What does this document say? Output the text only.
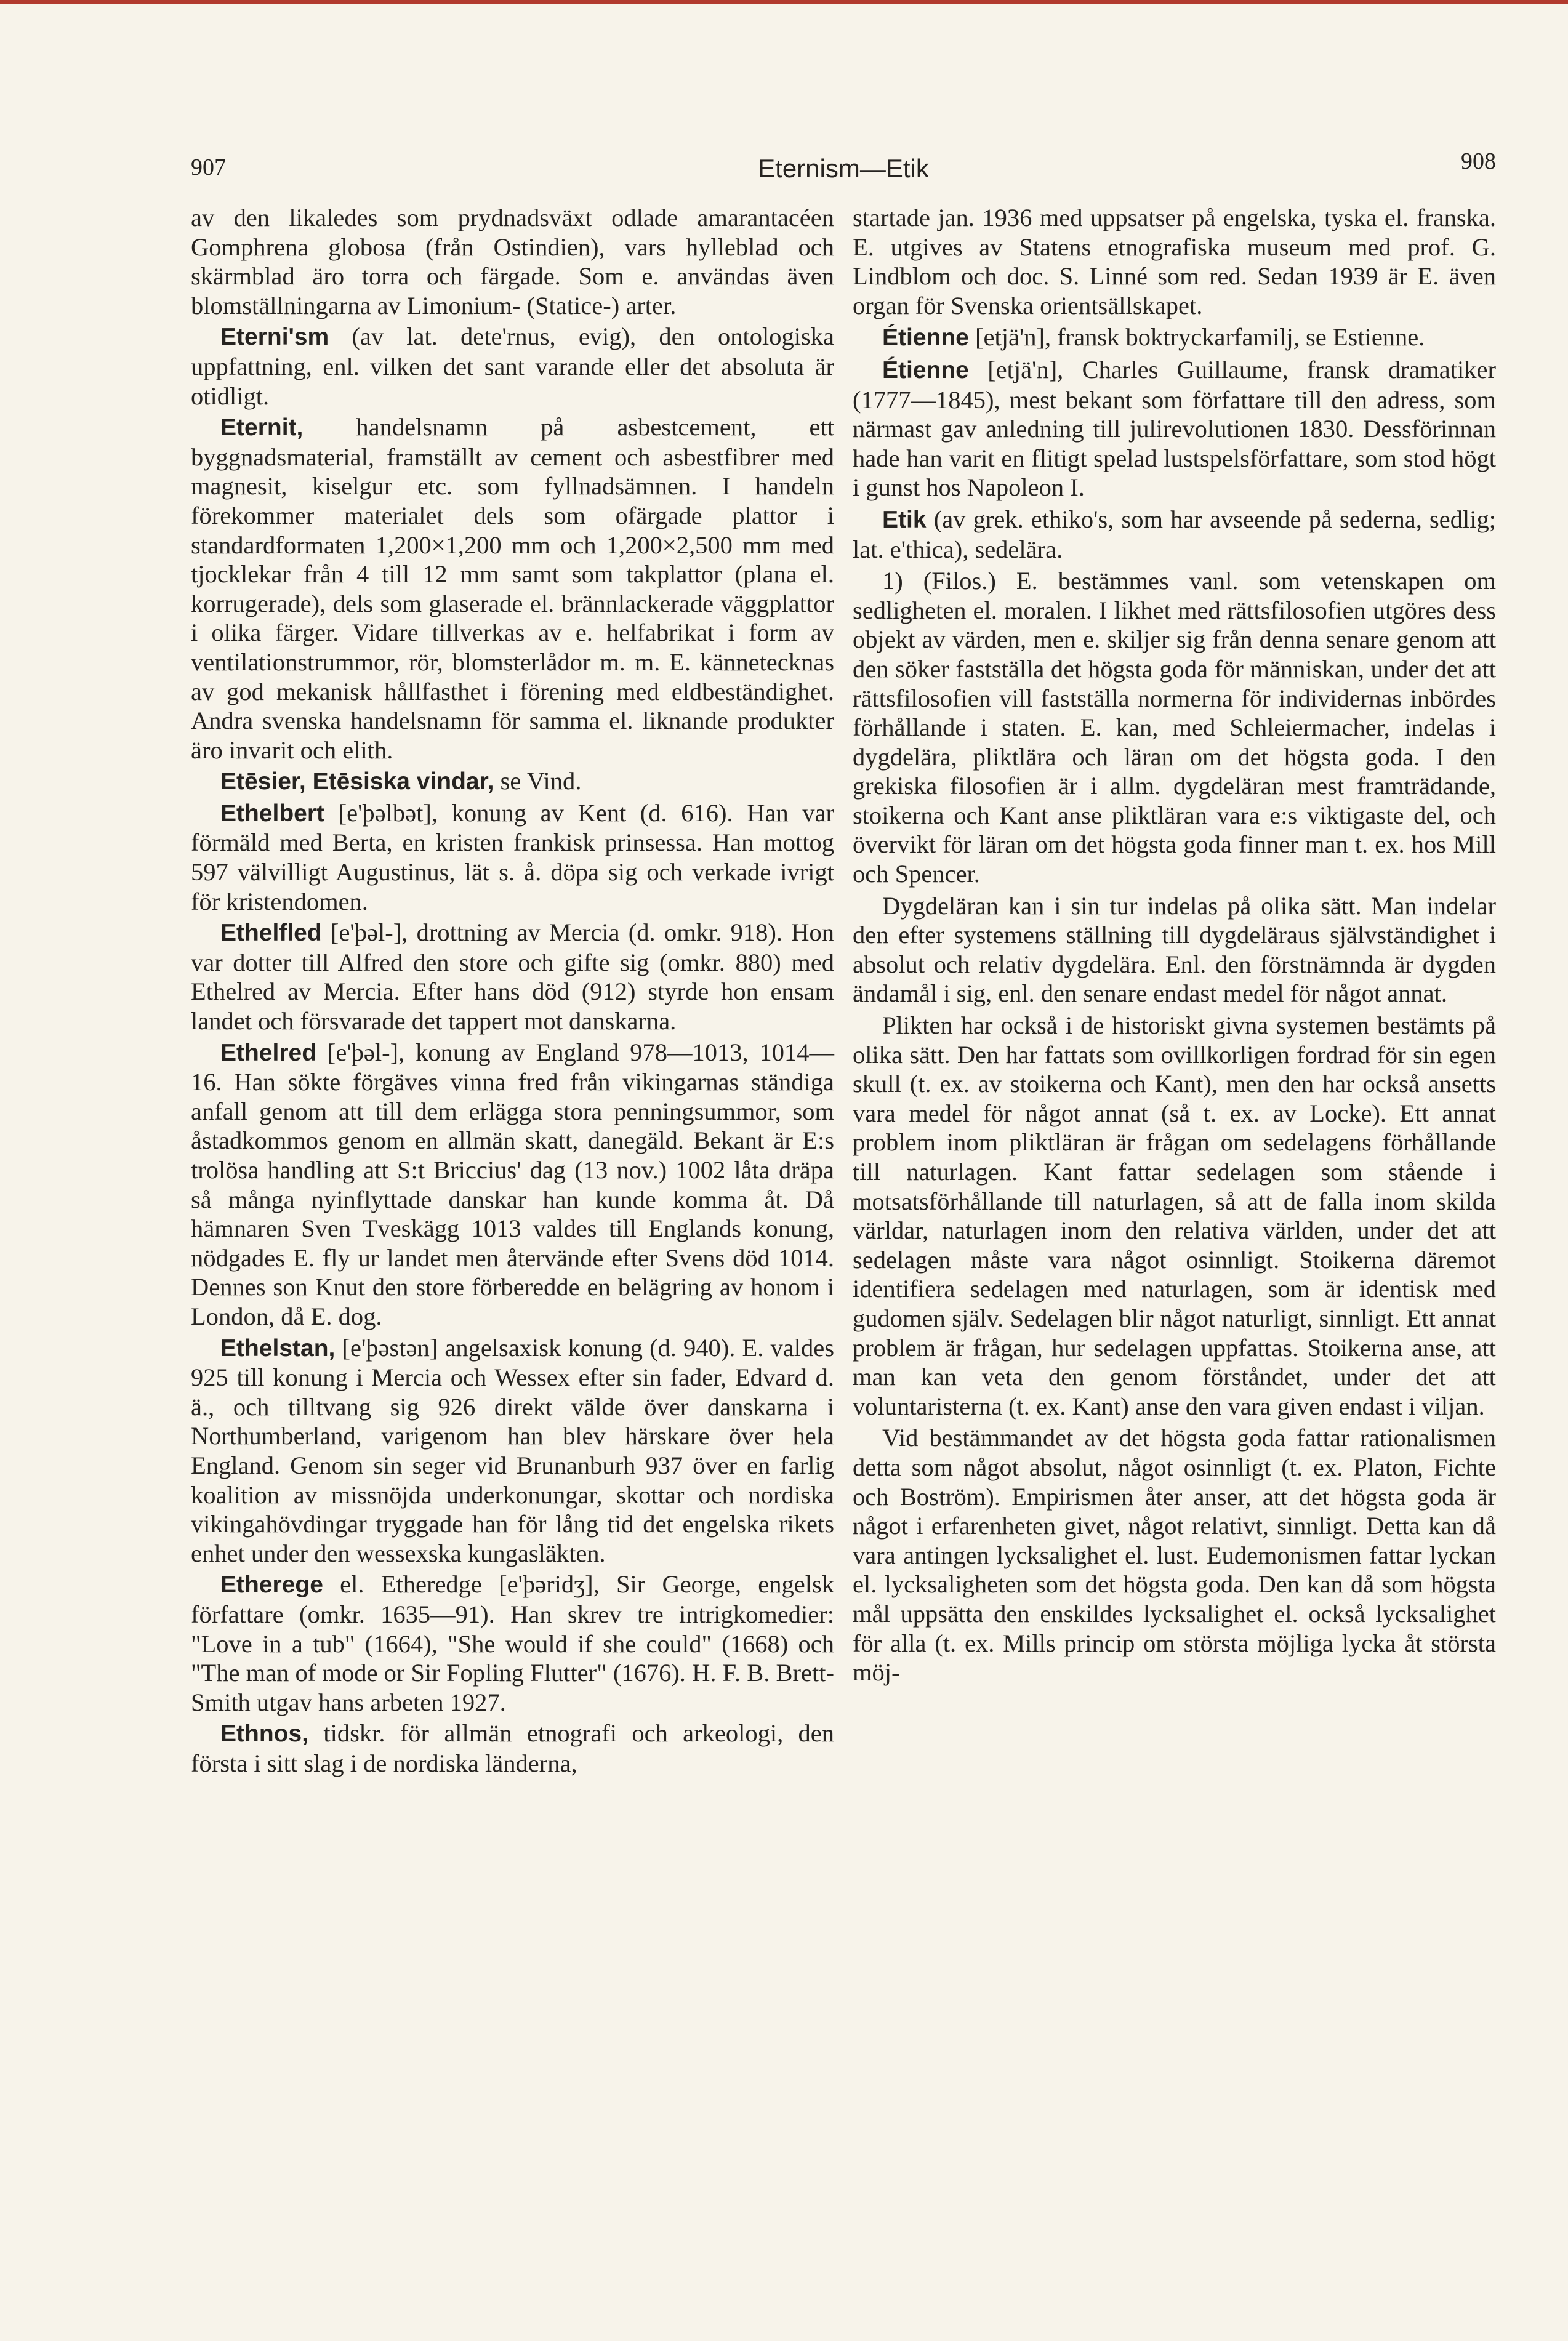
907	Eternism—Etik	908

av den likaledes som prydnadsväxt odlade amarantacéen Gomphrena globosa (från Ostindien), vars hylleblad och skärmblad äro torra och färgade. Som e. användas även blomställningarna av Limonium- (Statice-) arter.

Eterni'sm (av lat. dete'rnus, evig), den ontologiska uppfattning, enl. vilken det sant varande eller det absoluta är otidligt.

Eternit, handelsnamn på asbestcement, ett byggnadsmaterial, framställt av cement och asbestfibrer med magnesit, kiselgur etc. som fyllnadsämnen. I handeln förekommer materialet dels som ofärgade plattor i standardformaten 1,200×1,200 mm och 1,200×2,500 mm med tjocklekar från 4 till 12 mm samt som takplattor (plana el. korrugerade), dels som glaserade el. brännlackerade väggplattor i olika färger. Vidare tillverkas av e. helfabrikat i form av ventilationstrummor, rör, blomsterlådor m. m. E. kännetecknas av god mekanisk hållfasthet i förening med eldbeständighet. Andra svenska handelsnamn för samma el. liknande produkter äro invarit och elith.

Etēsier, Etēsiska vindar, se Vind.

Ethelbert [e'þəlbət], konung av Kent (d. 616). Han var förmäld med Berta, en kristen frankisk prinsessa. Han mottog 597 välvilligt Augustinus, lät s. å. döpa sig och verkade ivrigt för kristendomen.

Ethelfled [e'þəl-], drottning av Mercia (d. omkr. 918). Hon var dotter till Alfred den store och gifte sig (omkr. 880) med Ethelred av Mercia. Efter hans död (912) styrde hon ensam landet och försvarade det tappert mot danskarna.

Ethelred [e'þəl-], konung av England 978—1013, 1014—16. Han sökte förgäves vinna fred från vikingarnas ständiga anfall genom att till dem erlägga stora penningsummor, som åstadkommos genom en allmän skatt, danegäld. Bekant är E:s trolösa handling att S:t Briccius' dag (13 nov.) 1002 låta dräpa så många nyinflyttade danskar han kunde komma åt. Då hämnaren Sven Tveskägg 1013 valdes till Englands konung, nödgades E. fly ur landet men återvände efter Svens död 1014. Dennes son Knut den store förberedde en belägring av honom i London, då E. dog.

Ethelstan, [e'þəstən] angelsaxisk konung (d. 940). E. valdes 925 till konung i Mercia och Wessex efter sin fader, Edvard d. ä., och tilltvang sig 926 direkt välde över danskarna i Northumberland, varigenom han blev härskare över hela England. Genom sin seger vid Brunanburh 937 över en farlig koalition av missnöjda underkonungar, skottar och nordiska vikingahövdingar tryggade han för lång tid det engelska rikets enhet under den wessexska kungasläkten.

Etherege el. Etheredge [e'þəridʒ], Sir George, engelsk författare (omkr. 1635—91). Han skrev tre intrigkomedier: "Love in a tub" (1664), "She would if she could" (1668) och "The man of mode or Sir Fopling Flutter" (1676). H. F. B. Brett-Smith utgav hans arbeten 1927.

Ethnos, tidskr. för allmän etnografi och arkeologi, den första i sitt slag i de nordiska länderna,

startade jan. 1936 med uppsatser på engelska, tyska el. franska. E. utgives av Statens etnografiska museum med prof. G. Lindblom och doc. S. Linné som red. Sedan 1939 är E. även organ för Svenska orientsällskapet.

Étienne [etjä'n], fransk boktryckarfamilj, se Estienne.

Étienne [etjä'n], Charles Guillaume, fransk dramatiker (1777—1845), mest bekant som författare till den adress, som närmast gav anledning till julirevolutionen 1830. Dessförinnan hade han varit en flitigt spelad lustspelsförfattare, som stod högt i gunst hos Napoleon I.

Etik (av grek. ethiko's, som har avseende på sederna, sedlig; lat. e'thica), sedelära.

1) (Filos.) E. bestämmes vanl. som vetenskapen om sedligheten el. moralen. I likhet med rättsfilosofien utgöres dess objekt av värden, men e. skiljer sig från denna senare genom att den söker fastställa det högsta goda för människan, under det att rättsfilosofien vill fastställa normerna för individernas inbördes förhållande i staten. E. kan, med Schleiermacher, indelas i dygdelära, pliktlära och läran om det högsta goda. I den grekiska filosofien är i allm. dygdeläran mest framträdande, stoikerna och Kant anse pliktläran vara e:s viktigaste del, och övervikt för läran om det högsta goda finner man t. ex. hos Mill och Spencer.

Dygdeläran kan i sin tur indelas på olika sätt. Man indelar den efter systemens ställning till dygdeläraus självständighet i absolut och relativ dygdelära. Enl. den förstnämnda är dygden ändamål i sig, enl. den senare endast medel för något annat.

Plikten har också i de historiskt givna systemen bestämts på olika sätt. Den har fattats som ovillkorligen fordrad för sin egen skull (t. ex. av stoikerna och Kant), men den har också ansetts vara medel för något annat (så t. ex. av Locke). Ett annat problem inom pliktläran är frågan om sedelagens förhållande till naturlagen. Kant fattar sedelagen som stående i motsatsförhållande till naturlagen, så att de falla inom skilda världar, naturlagen inom den relativa världen, under det att sedelagen måste vara något osinnligt. Stoikerna däremot identifiera sedelagen med naturlagen, som är identisk med gudomen själv. Sedelagen blir något naturligt, sinnligt. Ett annat problem är frågan, hur sedelagen uppfattas. Stoikerna anse, att man kan veta den genom förståndet, under det att voluntaristerna (t. ex. Kant) anse den vara given endast i viljan.

Vid bestämmandet av det högsta goda fattar rationalismen detta som något absolut, något osinnligt (t. ex. Platon, Fichte och Boström). Empirismen åter anser, att det högsta goda är något i erfarenheten givet, något relativt, sinnligt. Detta kan då vara antingen lycksalighet el. lust. Eudemonismen fattar lyckan el. lycksaligheten som det högsta goda. Den kan då som högsta mål uppsätta den enskildes lycksalighet el. också lycksalighet för alla (t. ex. Mills princip om största möjliga lycka åt största möj-
